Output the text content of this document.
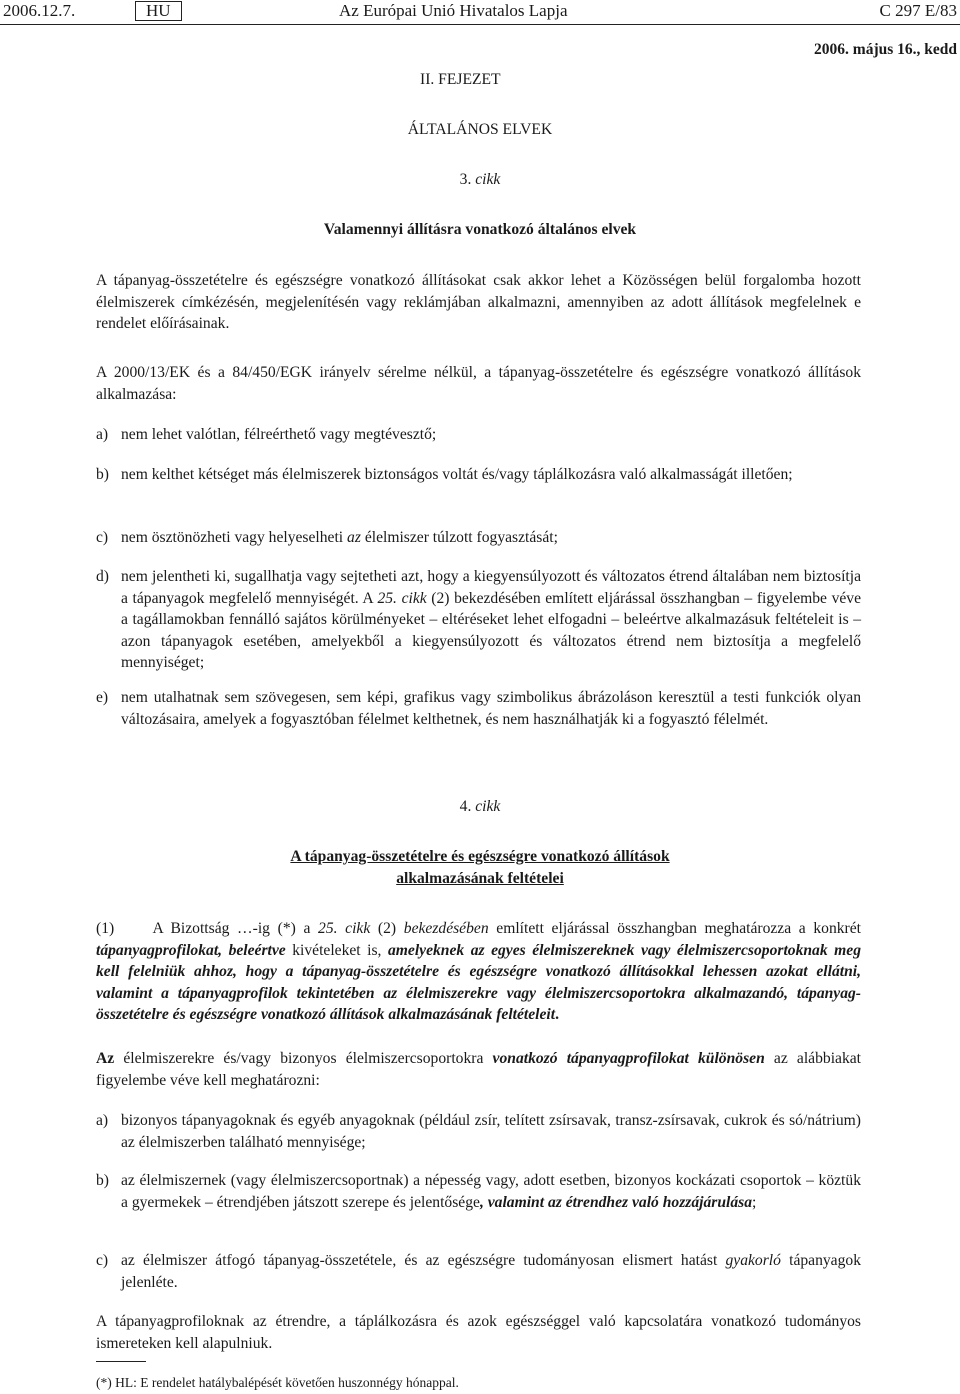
2006.12.7.	HU	Az Európai Unió Hivatalos Lapja	C 297 E/83
2006. május 16., kedd
II. FEJEZET
ÁLTALÁNOS ELVEK
3. cikk
Valamennyi állításra vonatkozó általános elvek
A tápanyag-összetételre és egészségre vonatkozó állításokat csak akkor lehet a Közösségen belül forgalomba hozott élelmiszerek címkézésén, megjelenítésén vagy reklámjában alkalmazni, amennyiben az adott állítások megfelelnek e rendelet előírásainak.
A 2000/13/EK és a 84/450/EGK irányelv sérelme nélkül, a tápanyag-összetételre és egészségre vonatkozó állítások alkalmazása:
a) nem lehet valótlan, félreérthető vagy megtévesztő;
b) nem kelthet kétséget más élelmiszerek biztonságos voltát és/vagy táplálkozásra való alkalmasságát illetően;
c) nem ösztönözheti vagy helyeselheti az élelmiszer túlzott fogyasztását;
d) nem jelentheti ki, sugallhatja vagy sejtetheti azt, hogy a kiegyensúlyozott és változatos étrend általában nem biztosítja a tápanyagok megfelelő mennyiségét. A 25. cikk (2) bekezdésében említett eljárással összhangban – figyelembe véve a tagállamokban fennálló sajátos körülményeket – eltéréseket lehet elfogadni – beleértve alkalmazásuk feltételeit is – azon tápanyagok esetében, amelyekből a kiegyensúlyozott és változatos étrend nem biztosítja a megfelelő mennyiséget;
e) nem utalhatnak sem szövegesen, sem képi, grafikus vagy szimbolikus ábrázoláson keresztül a testi funkciók olyan változásaira, amelyek a fogyasztóban félelmet kelthetnek, és nem használhatják ki a fogyasztó félelmét.
4. cikk
A tápanyag-összetételre és egészségre vonatkozó állítások
alkalmazásának feltételei
(1) A Bizottság …-ig (*) a 25. cikk (2) bekezdésében említett eljárással összhangban meghatározza a konkrét tápanyagprofilokat, beleértve kivételeket is, amelyeknek az egyes élelmiszereknek vagy élelmiszercsoportoknak meg kell felelniük ahhoz, hogy a tápanyag-összetételre és egészségre vonatkozó állításokkal lehessen azokat ellátni, valamint a tápanyagprofilok tekintetében az élelmiszerekre vagy élelmiszercsoportokra alkalmazandó, tápanyag-összetételre és egészségre vonatkozó állítások alkalmazásának feltételeit.
Az élelmiszerekre és/vagy bizonyos élelmiszercsoportokra vonatkozó tápanyagprofilokat különösen az alábbiakat figyelembe véve kell meghatározni:
a) bizonyos tápanyagoknak és egyéb anyagoknak (például zsír, telített zsírsavak, transz-zsírsavak, cukrok és só/nátrium) az élelmiszerben található mennyisége;
b) az élelmiszernek (vagy élelmiszercsoportnak) a népesség vagy, adott esetben, bizonyos kockázati csoportok – köztük a gyermekek – étrendjében játszott szerepe és jelentősége, valamint az étrendhez való hozzájárulása;
c) az élelmiszer átfogó tápanyag-összetétele, és az egészségre tudományosan elismert hatást gyakorló tápanyagok jelenléte.
A tápanyagprofiloknak az étrendre, a táplálkozásra és azok egészséggel való kapcsolatára vonatkozó tudományos ismereteken kell alapulniuk.
(*) HL: E rendelet hatálybalépését követően huszonnégy hónappal.
